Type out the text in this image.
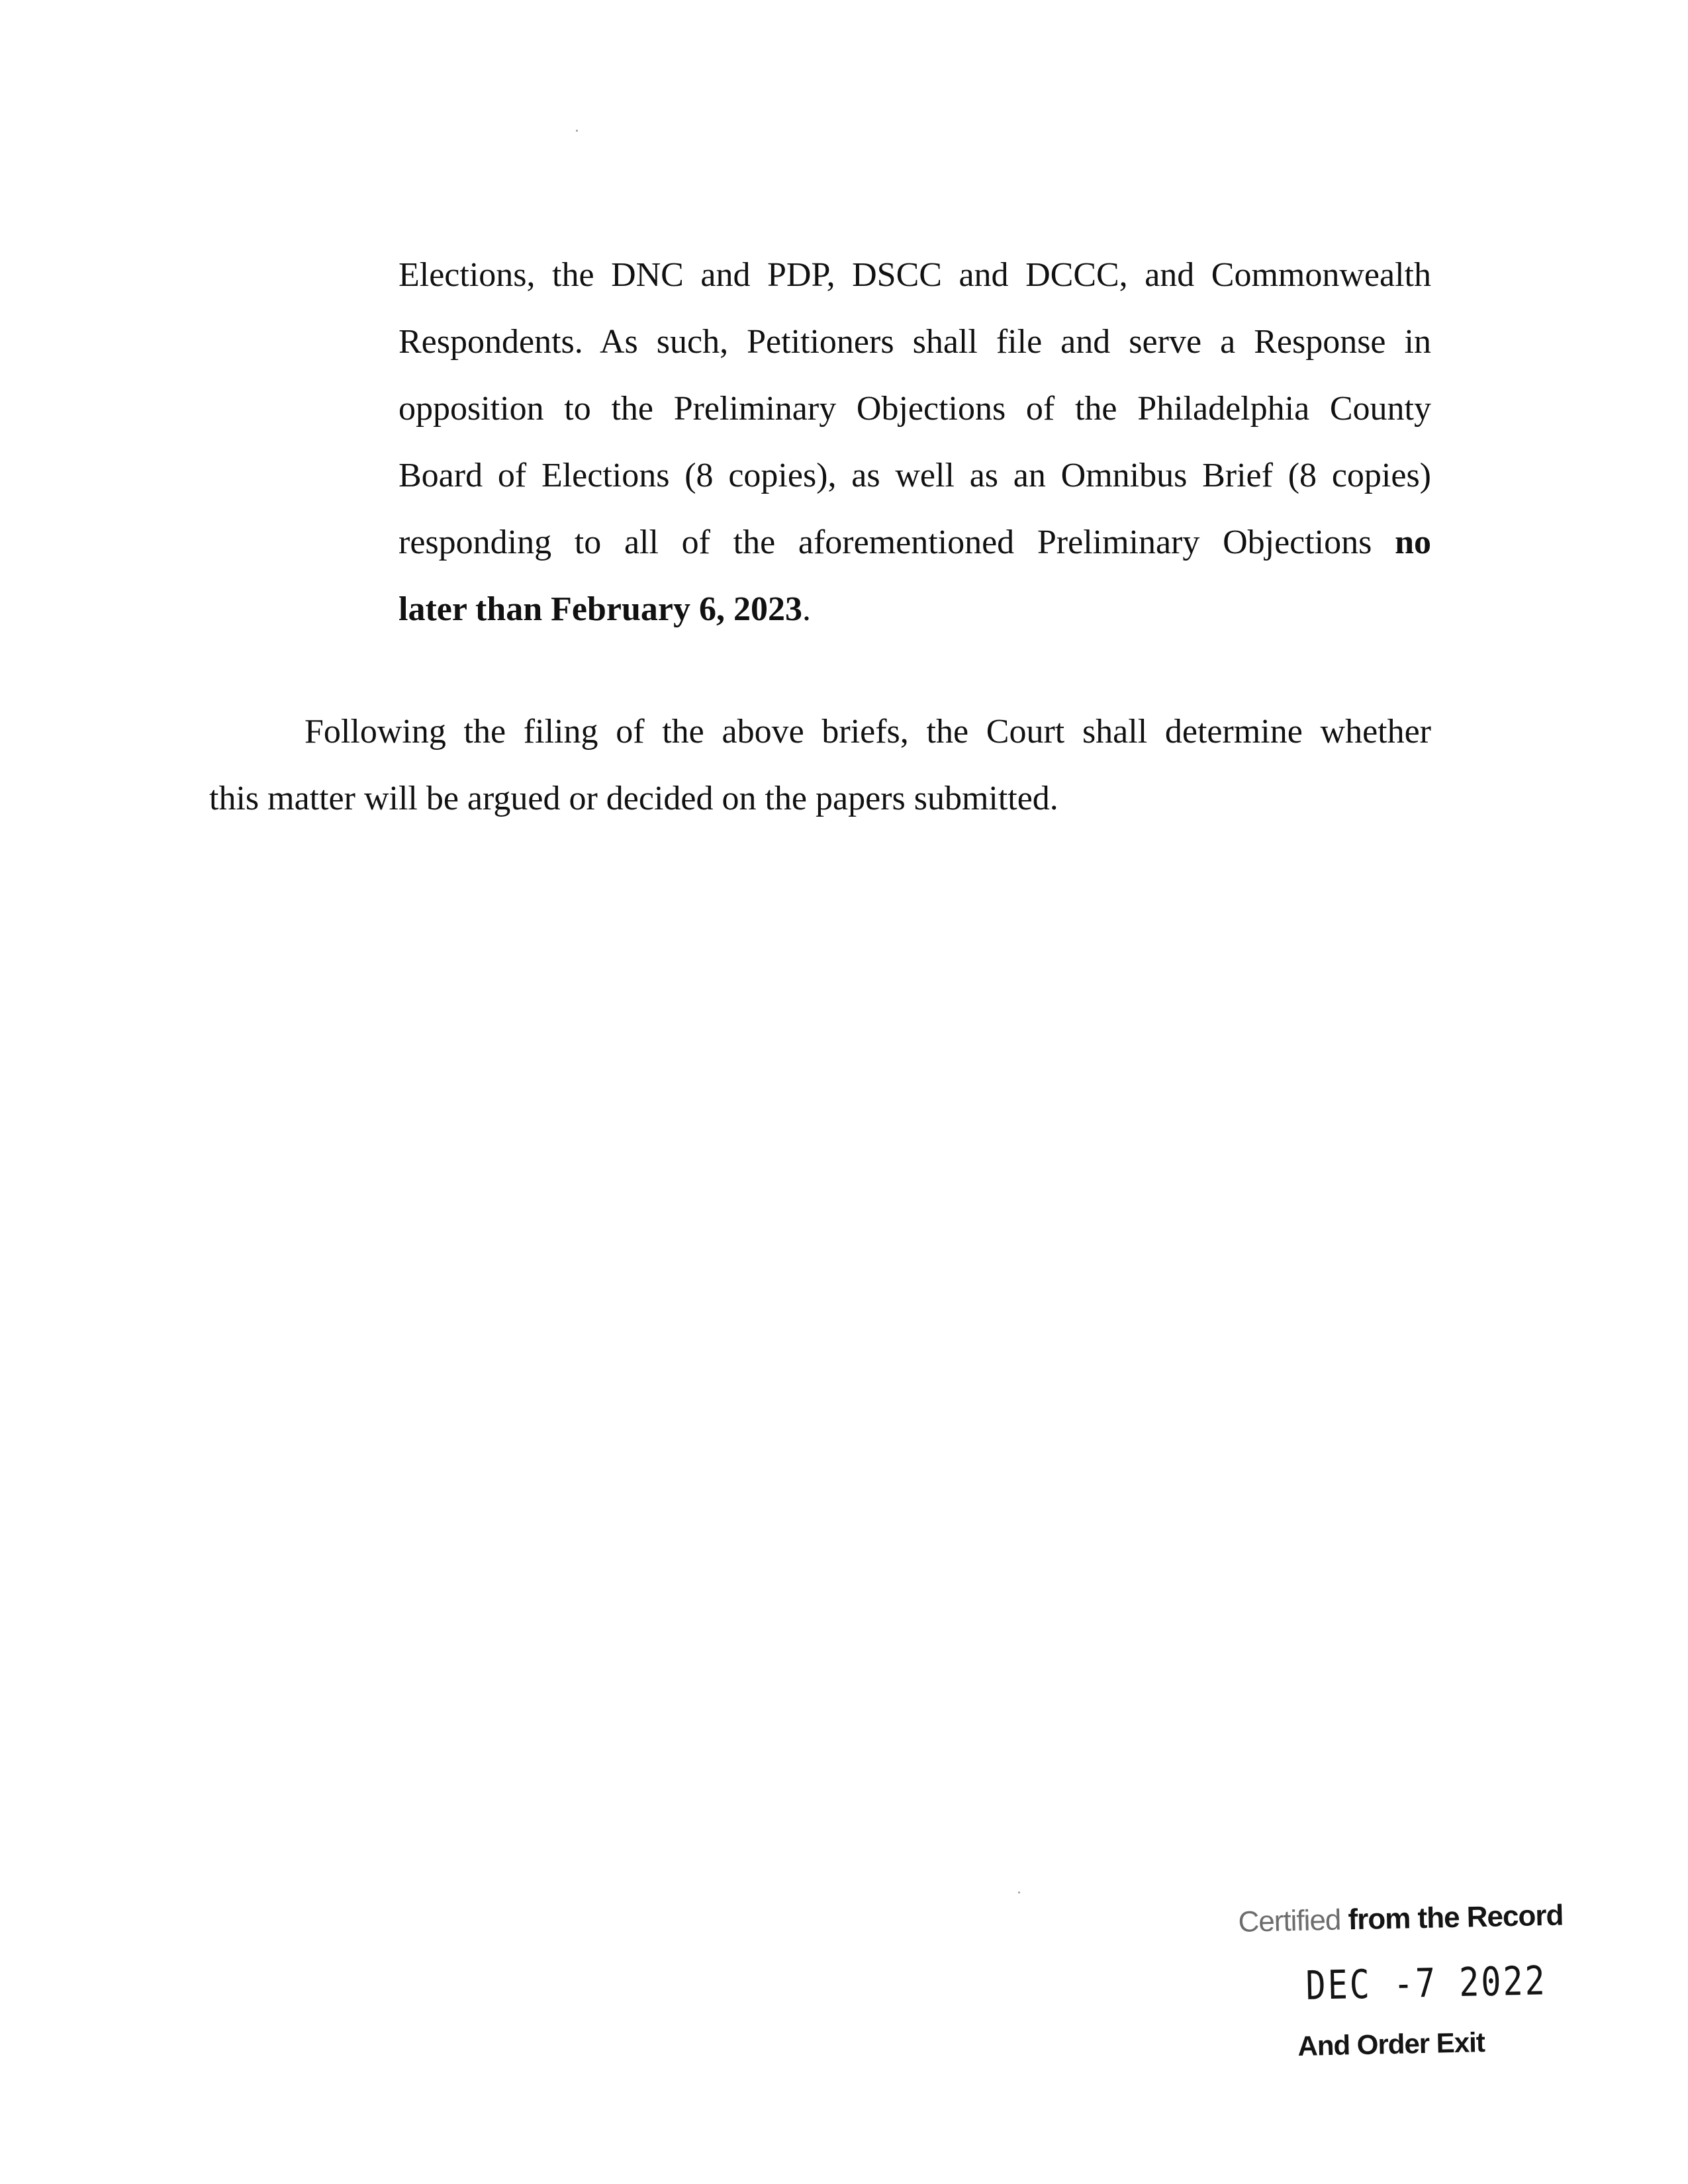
Elections, the DNC and PDP, DSCC and DCCC, and Commonwealth
Respondents. As such, Petitioners shall file and serve a Response in
opposition to the Preliminary Objections of the Philadelphia County
Board of Elections (8 copies), as well as an Omnibus Brief (8 copies)
responding to all of the aforementioned Preliminary Objections no
later than February 6, 2023.
Following the filing of the above briefs, the Court shall determine whether
this matter will be argued or decided on the papers submitted.
Certified from the Record
DEC -7 2022
And Order Exit
